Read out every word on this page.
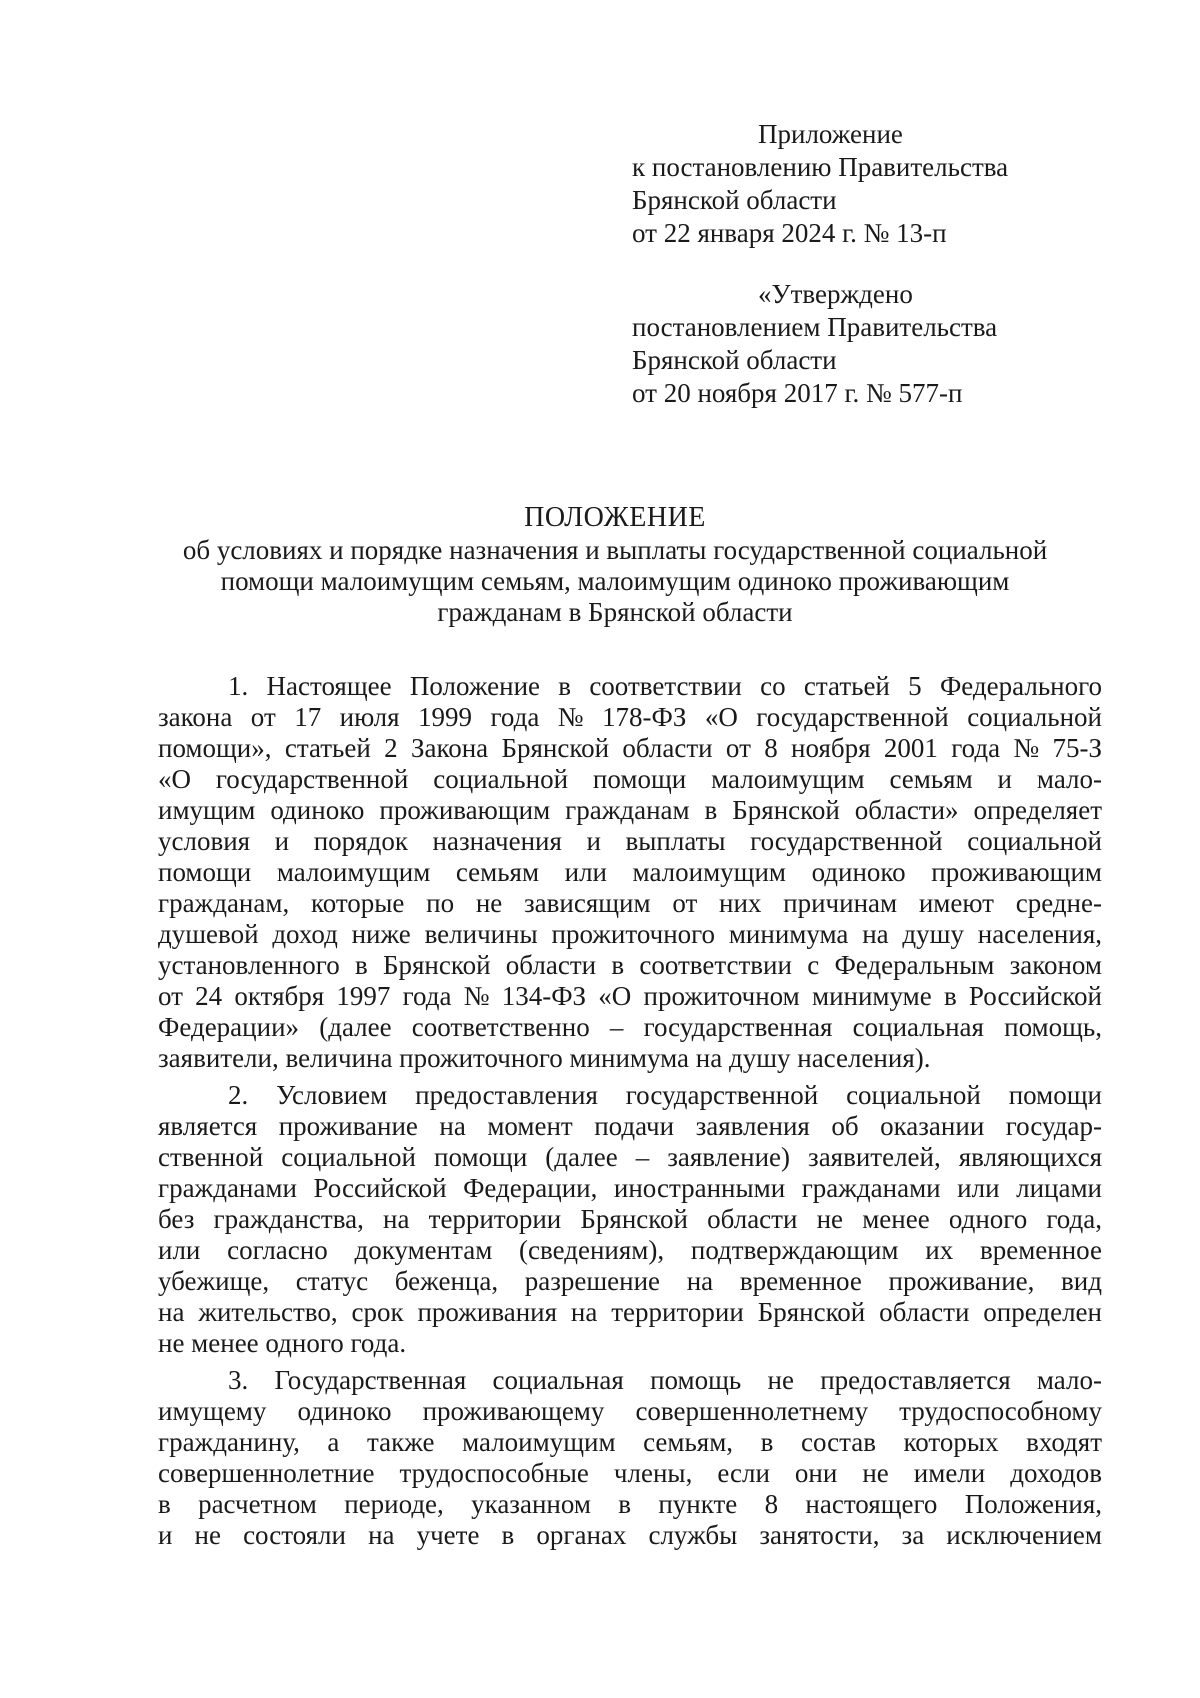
Приложение
к постановлению Правительства
Брянской области
от 22 января 2024 г. № 13-п
«Утверждено
постановлением Правительства
Брянской области
от 20 ноября 2017 г. № 577-п
ПОЛОЖЕНИЕ
об условиях и порядке назначения и выплаты государственной социальной
помощи малоимущим семьям, малоимущим одиноко проживающим
гражданам в Брянской области
1. Настоящее Положение в соответствии со статьей 5 Федерального
закона от 17 июля 1999 года № 178-ФЗ «О государственной социальной
помощи», статьей 2 Закона Брянской области от 8 ноября 2001 года № 75-З
«О государственной социальной помощи малоимущим семьям и мало-
имущим одиноко проживающим гражданам в Брянской области» определяет
условия и порядок назначения и выплаты государственной социальной
помощи малоимущим семьям или малоимущим одиноко проживающим
гражданам, которые по не зависящим от них причинам имеют средне-
душевой доход ниже величины прожиточного минимума на душу населения,
установленного в Брянской области в соответствии с Федеральным законом
от 24 октября 1997 года № 134-ФЗ «О прожиточном минимуме в Российской
Федерации» (далее соответственно – государственная социальная помощь,
заявители, величина прожиточного минимума на душу населения).
2. Условием предоставления государственной социальной помощи
является проживание на момент подачи заявления об оказании государ-
ственной социальной помощи (далее – заявление) заявителей, являющихся
гражданами Российской Федерации, иностранными гражданами или лицами
без гражданства, на территории Брянской области не менее одного года,
или согласно документам (сведениям), подтверждающим их временное
убежище, статус беженца, разрешение на временное проживание, вид
на жительство, срок проживания на территории Брянской области определен
не менее одного года.
3. Государственная социальная помощь не предоставляется мало-
имущему одиноко проживающему совершеннолетнему трудоспособному
гражданину, а также малоимущим семьям, в состав которых входят
совершеннолетние трудоспособные члены, если они не имели доходов
в расчетном периоде, указанном в пункте 8 настоящего Положения,
и не состояли на учете в органах службы занятости, за исключением
